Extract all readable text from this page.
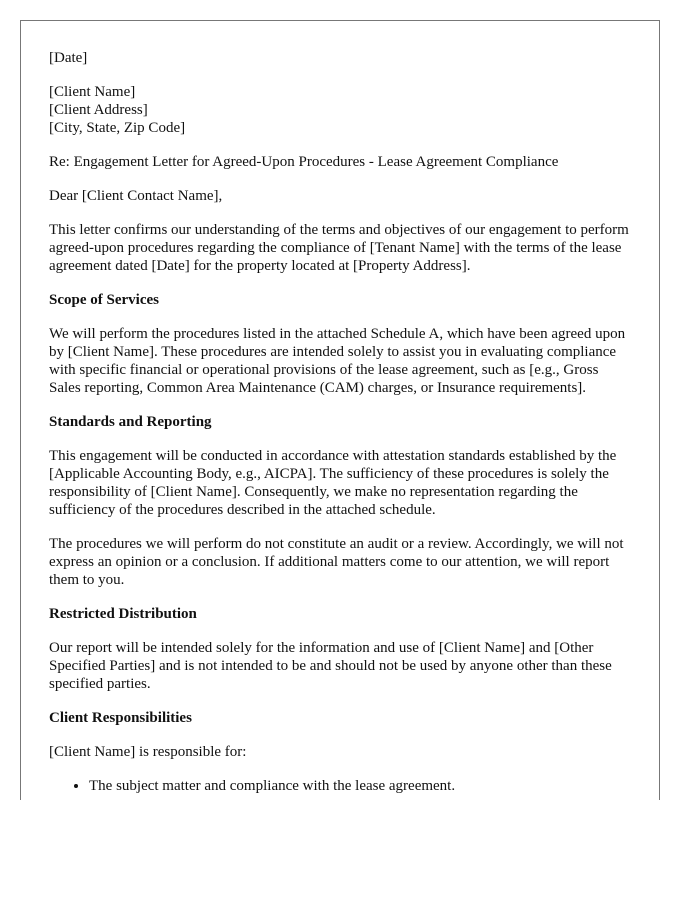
[Date]

[Client Name]
[Client Address]
[City, State, Zip Code]

Re: Engagement Letter for Agreed-Upon Procedures - Lease Agreement Compliance

Dear [Client Contact Name],

This letter confirms our understanding of the terms and objectives of our engagement to perform agreed-upon procedures regarding the compliance of [Tenant Name] with the terms of the lease agreement dated [Date] for the property located at [Property Address].

Scope of Services

We will perform the procedures listed in the attached Schedule A, which have been agreed upon by [Client Name]. These procedures are intended solely to assist you in evaluating compliance with specific financial or operational provisions of the lease agreement, such as [e.g., Gross Sales reporting, Common Area Maintenance (CAM) charges, or Insurance requirements].

Standards and Reporting

This engagement will be conducted in accordance with attestation standards established by the [Applicable Accounting Body, e.g., AICPA]. The sufficiency of these procedures is solely the responsibility of [Client Name]. Consequently, we make no representation regarding the sufficiency of the procedures described in the attached schedule.

The procedures we will perform do not constitute an audit or a review. Accordingly, we will not express an opinion or a conclusion. If additional matters come to our attention, we will report them to you.

Restricted Distribution

Our report will be intended solely for the information and use of [Client Name] and [Other Specified Parties] and is not intended to be and should not be used by anyone other than these specified parties.

Client Responsibilities

[Client Name] is responsible for:

• The subject matter and compliance with the lease agreement.
